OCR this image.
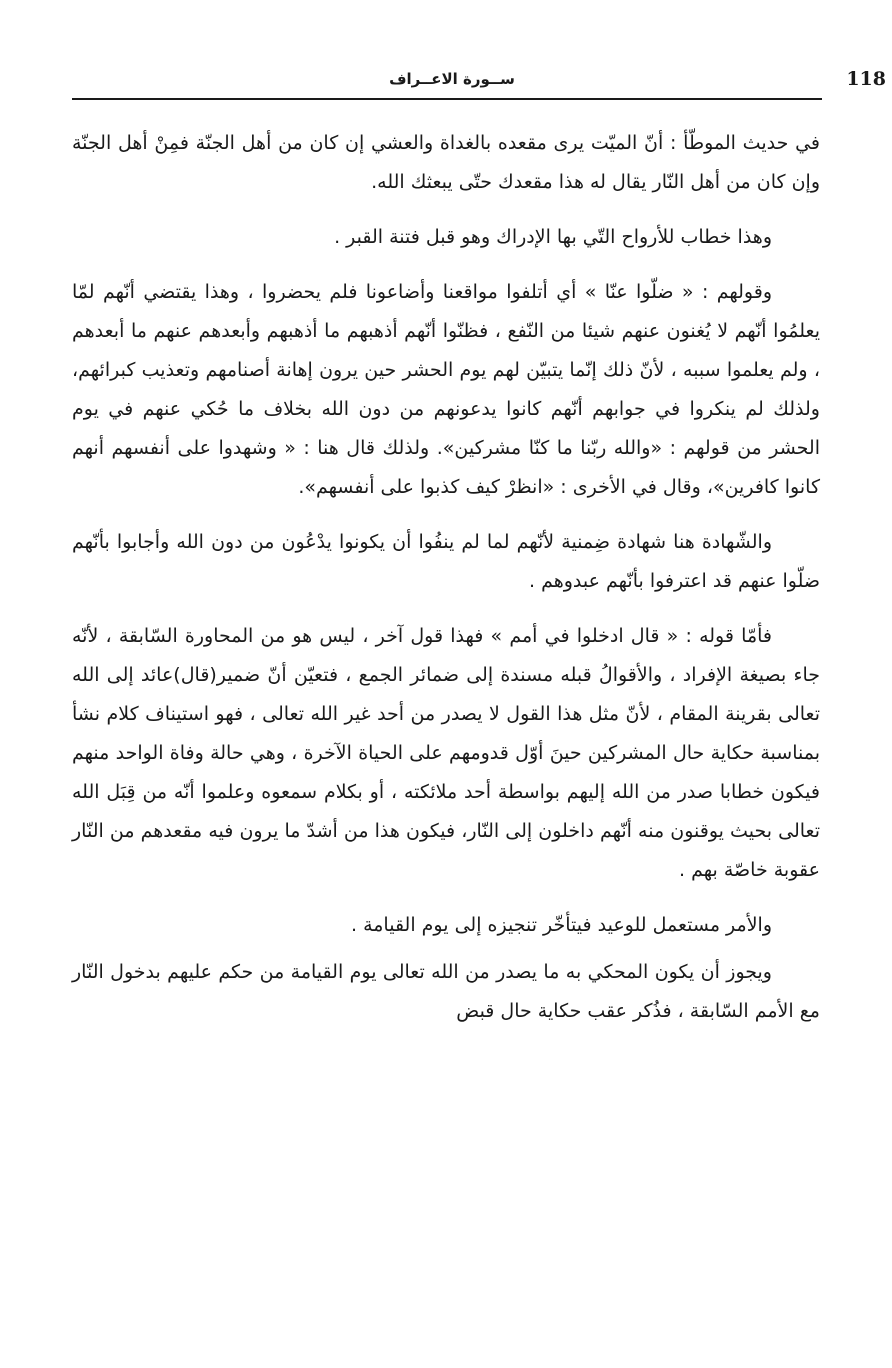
118
ســورة الاعــراف

في حديث الموطّأ : أنّ الميّت يرى مقعده بالغداة والعشي إن كان من أهل الجنّة فمِنْ أهل الجنّة وإن كان من أهل النّار يقال له هذا مقعدك حتّى يبعثك الله.

وهذا خطاب للأرواح التّي بها الإدراك وهو قبل فتنة القبر .

وقولهم : « ضلّوا عنّا » أي أتلفوا مواقعنا وأضاعونا فلم يحضروا ، وهذا يقتضي أنّهم لمّا يعلمُوا أنّهم لا يُغنون عنهم شيئا من النّفع ، فظنّوا أنّهم أذهبهم ما أذهبهم وأبعدهم عنهم ما أبعدهم ، ولم يعلموا سببه ، لأنّ ذلك إنّما يتبيّن لهم يوم الحشر حين يرون إهانة أصنامهم وتعذيب كبرائهم، ولذلك لم ينكروا في جوابهم أنّهم كانوا يدعونهم من دون الله بخلاف ما حُكي عنهم في يوم الحشر من قولهم : «والله ربّنا ما كنّا مشركين». ولذلك قال هنا : « وشهدوا على أنفسهم أنهم كانوا كافرين»، وقال في الأخرى : «انظرْ كيف كذبوا على أنفسهم».

والشّهادة هنا شهادة ضِمنية لأنّهم لما لم ينفُوا أن يكونوا يدْعُون من دون الله وأجابوا بأنّهم ضلّوا عنهم قد اعترفوا بأنّهم عبدوهم .

فأمّا قوله : « قال ادخلوا في أمم » فهذا قول آخر ، ليس هو من المحاورة السّابقة ، لأنّه جاء بصيغة الإفراد ، والأقوالُ قبله مسندة إلى ضمائر الجمع ، فتعيّن أنّ ضمير(قال)عائد إلى الله تعالى بقرينة المقام ، لأنّ مثل هذا القول لا يصدر من أحد غير الله تعالى ، فهو استيناف كلام نشأ بمناسبة حكاية حال المشركين حينَ أوّل قدومهم على الحياة الآخرة ، وهي حالة وفاة الواحد منهم فيكون خطابا صدر من الله إليهم بواسطة أحد ملائكته ، أو بكلام سمعوه وعلموا أنّه من قِبَل الله تعالى بحيث يوقنون منه أنّهم داخلون إلى النّار، فيكون هذا من أشدّ ما يرون فيه مقعدهم من النّار عقوبة خاصّة بهم .

والأمر مستعمل للوعيد فيتأخّر تنجيزه إلى يوم القيامة .

ويجوز أن يكون المحكي به ما يصدر من الله تعالى يوم القيامة من حكم عليهم بدخول النّار مع الأمم السّابقة ، فذُكر عقب حكاية حال قبض
